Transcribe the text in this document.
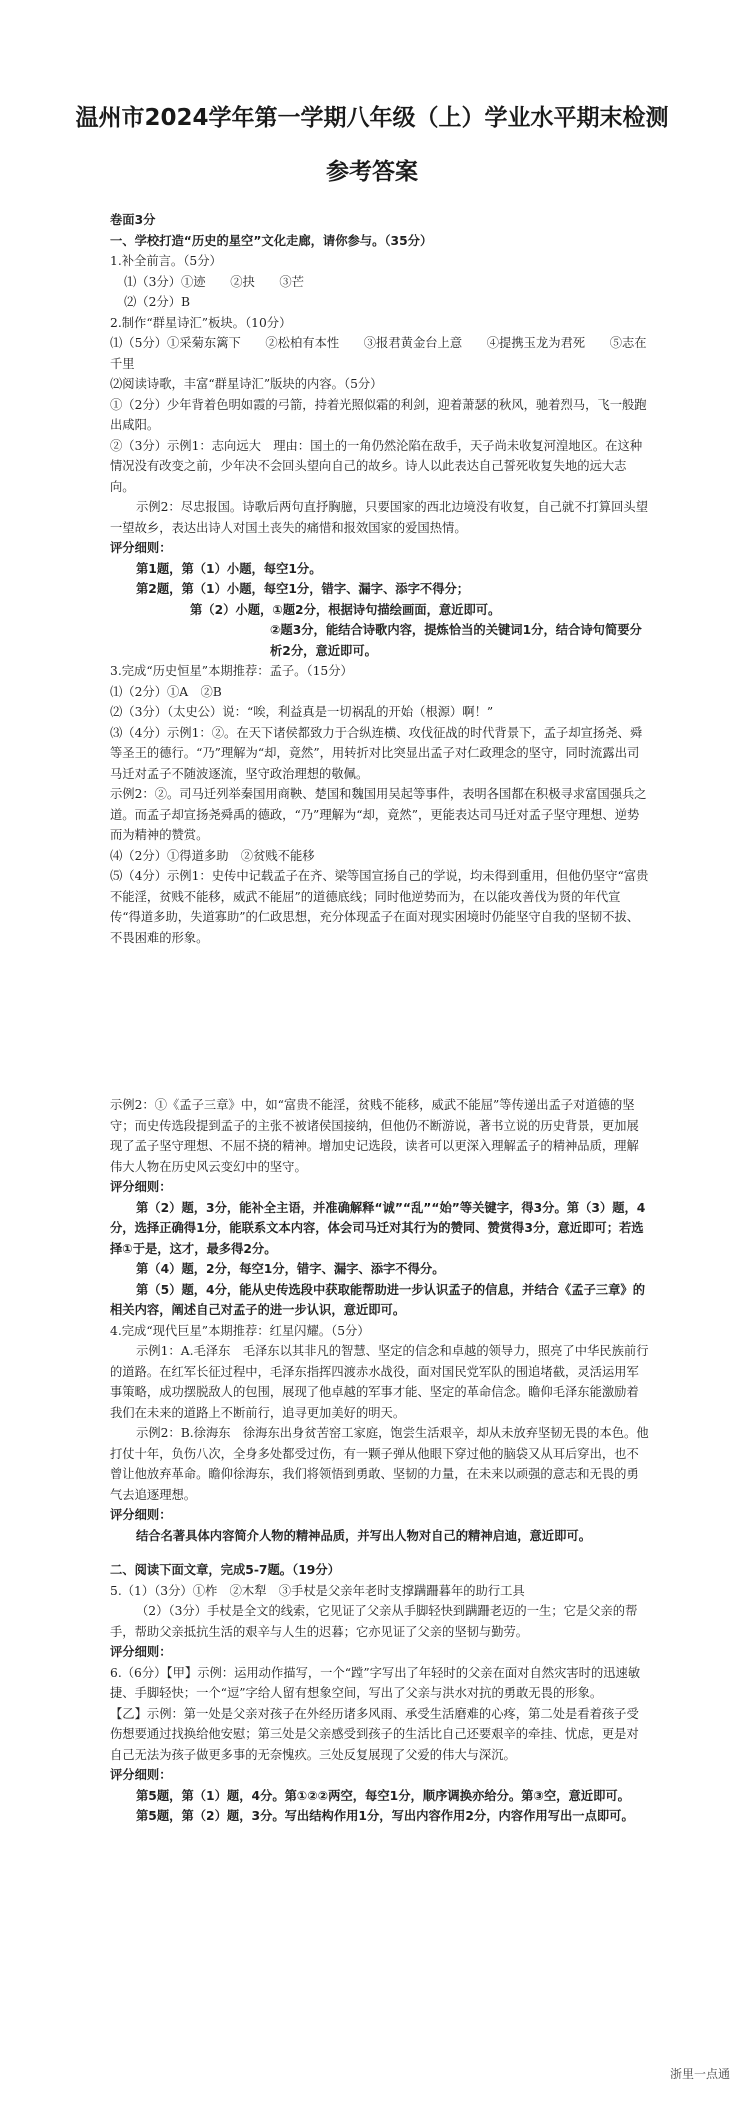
温州市2024学年第一学期八年级（上）学业水平期末检测
参考答案

卷面3分

一、学校打造“历史的星空”文化走廊，请你参与。（35分）

1.补全前言。（5分）

⑴（3分）①迹　　②抉　　③芒

⑵（2分）B

2.制作“群星诗汇”板块。（10分）

⑴（5分）①采菊东篱下　　②松柏有本性　　③报君黄金台上意　　④提携玉龙为君死　　⑤志在千里

⑵阅读诗歌，丰富“群星诗汇”版块的内容。（5分）

①（2分）少年背着色明如霞的弓箭，持着光照似霜的利剑，迎着萧瑟的秋风，驰着烈马，飞一般跑出咸阳。

②（3分）示例1：志向远大　理由：国土的一角仍然沦陷在敌手，天子尚未收复河湟地区。在这种情况没有改变之前，少年决不会回头望向自己的故乡。诗人以此表达自己誓死收复失地的远大志向。

示例2：尽忠报国。诗歌后两句直抒胸臆，只要国家的西北边境没有收复，自己就不打算回头望一望故乡，表达出诗人对国土丧失的痛惜和报效国家的爱国热情。

评分细则：

第1题，第（1）小题，每空1分。

第2题，第（1）小题，每空1分，错字、漏字、添字不得分；

第（2）小题，①题2分，根据诗句描绘画面，意近即可。

②题3分，能结合诗歌内容，提炼恰当的关键词1分，结合诗句简要分析2分，意近即可。

3.完成“历史恒星”本期推荐：孟子。（15分）

⑴（2分）①A　②B

⑵（3分）（太史公）说：“唉，利益真是一切祸乱的开始（根源）啊！”

⑶（4分）示例1：②。在天下诸侯都致力于合纵连横、攻伐征战的时代背景下，孟子却宣扬尧、舜等圣王的德行。“乃”理解为“却，竟然”，用转折对比突显出孟子对仁政理念的坚守，同时流露出司马迁对孟子不随波逐流，坚守政治理想的敬佩。

示例2：②。司马迁列举秦国用商鞅、楚国和魏国用吴起等事件，表明各国都在积极寻求富国强兵之道。而孟子却宣扬尧舜禹的德政，“乃”理解为“却，竟然”，更能表达司马迁对孟子坚守理想、逆势而为精神的赞赏。

⑷（2分）①得道多助　②贫贱不能移

⑸（4分）示例1：史传中记载孟子在齐、梁等国宣扬自己的学说，均未得到重用，但他仍坚守“富贵不能淫，贫贱不能移，威武不能屈”的道德底线；同时他逆势而为，在以能攻善伐为贤的年代宣传“得道多助，失道寡助”的仁政思想，充分体现孟子在面对现实困境时仍能坚守自我的坚韧不拔、不畏困难的形象。

示例2：①《孟子三章》中，如“富贵不能淫，贫贱不能移，威武不能屈”等传递出孟子对道德的坚守；而史传选段提到孟子的主张不被诸侯国接纳，但他仍不断游说，著书立说的历史背景，更加展现了孟子坚守理想、不屈不挠的精神。增加史记选段，读者可以更深入理解孟子的精神品质，理解伟大人物在历史风云变幻中的坚守。

评分细则：

第（2）题，3分，能补全主语，并准确解释“诚”“乱”“始”等关键字，得3分。第（3）题，4分，选择正确得1分，能联系文本内容，体会司马迁对其行为的赞同、赞赏得3分，意近即可；若选择①于是，这才，最多得2分。

第（4）题，2分，每空1分，错字、漏字、添字不得分。

第（5）题，4分，能从史传选段中获取能帮助进一步认识孟子的信息，并结合《孟子三章》的相关内容，阐述自己对孟子的进一步认识，意近即可。

4.完成“现代巨星”本期推荐：红星闪耀。（5分）

示例1：A.毛泽东　毛泽东以其非凡的智慧、坚定的信念和卓越的领导力，照亮了中华民族前行的道路。在红军长征过程中，毛泽东指挥四渡赤水战役，面对国民党军队的围追堵截，灵活运用军事策略，成功摆脱敌人的包围，展现了他卓越的军事才能、坚定的革命信念。瞻仰毛泽东能激励着我们在未来的道路上不断前行，追寻更加美好的明天。

示例2：B.徐海东　徐海东出身贫苦窑工家庭，饱尝生活艰辛，却从未放弃坚韧无畏的本色。他打仗十年，负伤八次，全身多处都受过伤，有一颗子弹从他眼下穿过他的脑袋又从耳后穿出，也不曾让他放弃革命。瞻仰徐海东，我们将领悟到勇敢、坚韧的力量，在未来以顽强的意志和无畏的勇气去追逐理想。

评分细则：

结合名著具体内容简介人物的精神品质，并写出人物对自己的精神启迪，意近即可。

二、阅读下面文章，完成5-7题。（19分）

5.（1）（3分）①柞　②木犁　③手杖是父亲年老时支撑蹒跚暮年的助行工具

（2）（3分）手杖是全文的线索，它见证了父亲从手脚轻快到蹒跚老迈的一生；它是父亲的帮手，帮助父亲抵抗生活的艰辛与人生的迟暮；它亦见证了父亲的坚韧与勤劳。

评分细则：

6.（6分）【甲】示例：运用动作描写，一个“蹚”字写出了年轻时的父亲在面对自然灾害时的迅速敏捷、手脚轻快；一个“逗”字给人留有想象空间，写出了父亲与洪水对抗的勇敢无畏的形象。

【乙】示例：第一处是父亲对孩子在外经历诸多风雨、承受生活磨难的心疼，第二处是看着孩子受伤想要通过找换给他安慰；第三处是父亲感受到孩子的生活比自己还要艰辛的牵挂、忧虑，更是对自己无法为孩子做更多事的无奈愧疚。三处反复展现了父爱的伟大与深沉。

评分细则：

第5题，第（1）题，4分。第①②②两空，每空1分，顺序调换亦给分。第③空，意近即可。

第5题，第（2）题，3分。写出结构作用1分，写出内容作用2分，内容作用写出一点即可。

浙里一点通
